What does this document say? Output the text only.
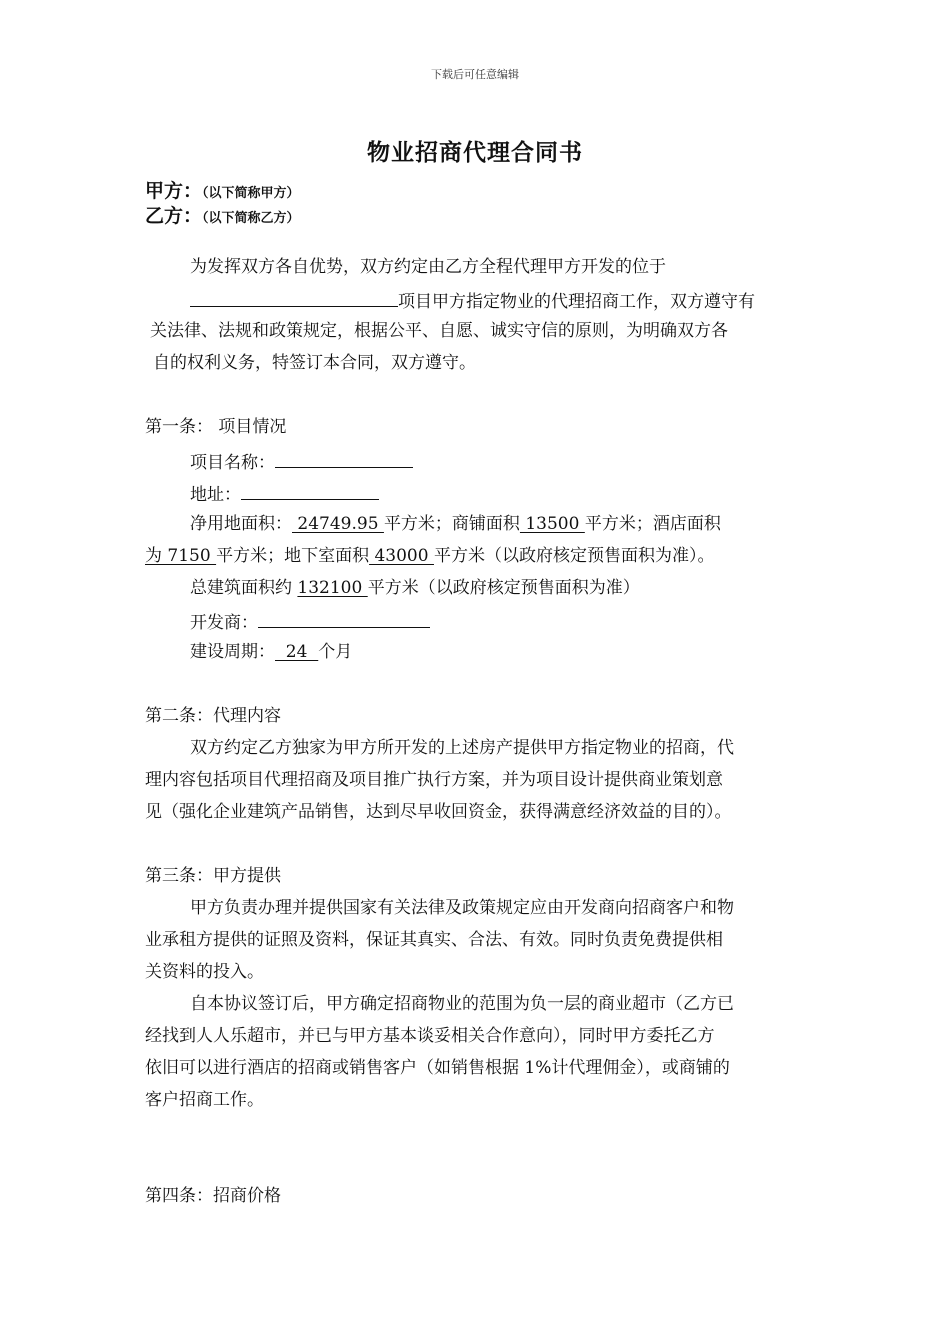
下载后可任意编辑
物业招商代理合同书
甲方：（以下简称甲方）
乙方：（以下简称乙方）
为发挥双方各自优势，双方约定由乙方全程代理甲方开发的位于
项目甲方指定物业的代理招商工作，双方遵守有
关法律、法规和政策规定，根据公平、自愿、诚实守信的原则，为明确双方各
自的权利义务，特签订本合同，双方遵守。
第一条： 项目情况
项目名称：
地址：
净用地面积： 24749.95 平方米；商铺面积 13500 平方米；酒店面积
为 7150 平方米；地下室面积 43000 平方米（以政府核定预售面积为准）。
总建筑面积约 132100 平方米（以政府核定预售面积为准）
开发商：
建设周期：  24  个月
第二条：代理内容
双方约定乙方独家为甲方所开发的上述房产提供甲方指定物业的招商，代
理内容包括项目代理招商及项目推广执行方案，并为项目设计提供商业策划意
见（强化企业建筑产品销售，达到尽早收回资金，获得满意经济效益的目的）。
第三条：甲方提供
甲方负责办理并提供国家有关法律及政策规定应由开发商向招商客户和物
业承租方提供的证照及资料，保证其真实、合法、有效。同时负责免费提供相
关资料的投入。
自本协议签订后，甲方确定招商物业的范围为负一层的商业超市（乙方已
经找到人人乐超市，并已与甲方基本谈妥相关合作意向），同时甲方委托乙方
依旧可以进行酒店的招商或销售客户（如销售根据 1%计代理佣金），或商铺的
客户招商工作。
第四条：招商价格
